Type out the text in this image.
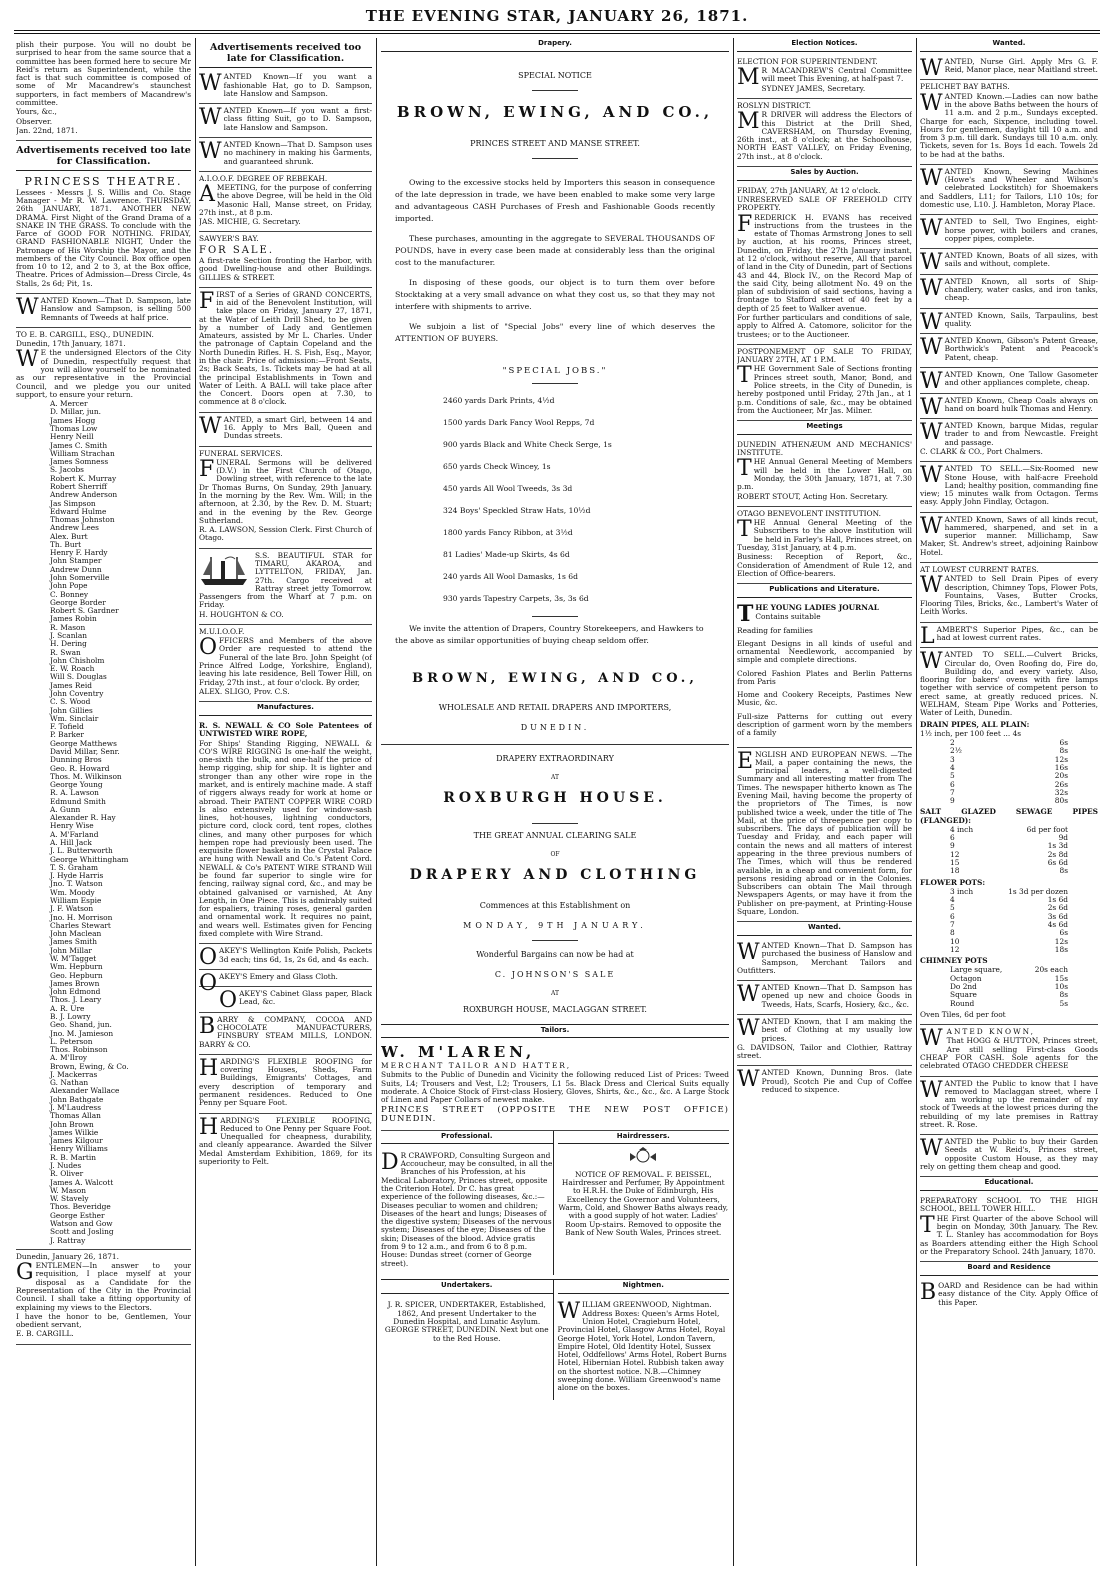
THE EVENING STAR, JANUARY 26, 1871.

plish their purpose. You will no doubt be surprised to hear from the same source that a committee has been formed here to secure Mr Reid's return as Superintendent, while the fact is that such committee is composed of some of Mr Macandrew's staunchest supporters, in fact members of Macandrew's committee.

Yours, &c.,

Observer.

Jan. 22nd, 1871.

Advertisements received too late for Classification.
PRINCESS THEATRE.

Lessees - Messrs J. S. Willis and Co. Stage Manager - Mr R. W. Lawrence. THURSDAY, 26th JANUARY, 1871. ANOTHER NEW DRAMA. First Night of the Grand Drama of a SNAKE IN THE GRASS. To conclude with the Farce of GOOD FOR NOTHING. FRIDAY, GRAND FASHIONABLE NIGHT, Under the Patronage of His Worship the Mayor, and the members of the City Council. Box office open from 10 to 12, and 2 to 3, at the Box office, Theatre. Prices of Admission—Dress Circle, 4s Stalls, 2s 6d; Pit, 1s.

WANTED Known—That D. Sampson, late Hanslow and Sampson, is selling 500 Remnants of Tweeds at half price.

TO E. B. CARGILL, ESQ., DUNEDIN.

Dunedin, 17th January, 1871.

WE the undersigned Electors of the City of Dunedin, respectfully request that you will allow yourself to be nominated as our representative in the Provincial Council, and we pledge you our united support, to ensure your return.

A. Mercer
D. Millar, jun.
James Hogg
Thomas Low
Henry Neill
James C. Smith
William Strachan
James Somness
S. Jacobs
Robert K. Murray
Robert Sherriff
Andrew Anderson
Jas Simpson
Edward Hulme
Thomas Johnston
Andrew Lees
Alex. Burt
Th. Burt
Henry F. Hardy
John Stamper
Andrew Dunn
John Somerville
John Pope
C. Bonney
George Border
Robert S. Gardner
James Robin
R. Mason
J. Scanlan
H. Dering
R. Swan
John Chisholm
E. W. Roach
Will S. Douglas
James Reid
John Coventry
C. S. Wood
John Gillies
Wm. Sinclair
F. Tofield
P. Barker
George Matthews
David Millar, Senr.
Dunning Bros
Geo. R. Howard
Thos. M. Wilkinson
George Young
R. A. Lawson
Edmund Smith
A. Gunn
Alexander R. Hay
Henry Wise
A. M'Farland
A. Hill Jack
J. L. Butterworth
George Whittingham
T. S. Graham
J. Hyde Harris
Jno. T. Watson
Wm. Moody
William Espie
J. F. Watson
Jno. H. Morrison
Charles Stewart
John Maclean
James Smith
John Millar
W. M'Tagget
Wm. Hepburn
Geo. Hepburn
James Brown
John Edmond
Thos. J. Leary
A. R. Ure
B. J. Lowry
Geo. Shand, jun.
Jno. M. Jamieson
L. Peterson
Thos. Robinson
A. M'Ilroy
Brown, Ewing, & Co.
J. Mackerras
G. Nathan
Alexander Wallace
John Bathgate
J. M'Laudress
Thomas Allan
John Brown
James Wilkie
James Kilgour
Henry Williams
R. B. Martin
J. Nudes
R. Oliver
James A. Walcott
W. Mason
W. Stavely
Thos. Beveridge
George Esther
Watson and Gow
Scott and Josling
J. Rattray

Dunedin, January 26, 1871.

GENTLEMEN—In answer to your requisition, I place myself at your disposal as a Candidate for the Representation of the City in the Provincial Council. I shall take a fitting opportunity of explaining my views to the Electors.

I have the honor to be, Gentlemen, Your obedient servant,

E. B. CARGILL.

Advertisements received too late for Classification.

WANTED Known—If you want a fashionable Hat, go to D. Sampson, late Hanslow and Sampson.

WANTED Known—If you want a first-class fitting Suit, go to D. Sampson, late Hanslow and Sampson.

WANTED Known—That D. Sampson uses no machinery in making his Garments, and guaranteed shrunk.

A.I.O.O.F. DEGREE OF REBEKAH.

AMEETING, for the purpose of conferring the above Degree, will be held in the Old Masonic Hall, Manse street, on Friday, 27th inst., at 8 p.m.

JAS. MICHIE, G. Secretary.

SAWYER'S BAY.

FOR SALE.

A first-rate Section fronting the Harbor, with good Dwelling-house and other Buildings. GILLIES & STREET.

FIRST of a Series of GRAND CONCERTS, in aid of the Benevolent Institution, will take place on Friday, January 27, 1871, at the Water of Leith Drill Shed, to be given by a number of Lady and Gentlemen Amateurs, assisted by Mr L. Charles. Under the patronage of Captain Copeland and the North Dunedin Rifles. H. S. Fish, Esq., Mayor, in the chair. Price of admission:—Front Seats, 2s; Back Seats, 1s. Tickets may be had at all the principal Establishments in Town and Water of Leith. A BALL will take place after the Concert. Doors open at 7.30, to commence at 8 o'clock.

WANTED, a smart Girl, between 14 and 16. Apply to Mrs Ball, Queen and Dundas streets.

FUNERAL SERVICES.

FUNERAL Sermons will be delivered (D.V.) in the First Church of Otago, Dowling street, with reference to the late Dr Thomas Burns, On Sunday, 29th January. In the morning by the Rev. Wm. Will; in the afternoon, at 2.30, by the Rev. D. M. Stuart; and in the evening by the Rev. George Sutherland.

R. A. LAWSON, Session Clerk. First Church of Otago.

S.S. BEAUTIFUL STAR for TIMARU, AKAROA, and LYTTELTON, FRIDAY, Jan. 27th. Cargo received at Rattray street jetty Tomorrow. Passengers from the Wharf at 7 p.m. on Friday.

H. HOUGHTON & CO.

M.U.I.O.O.F.

OFFICERS and Members of the above Order are requested to attend the Funeral of the late Bro. John Speight (of Prince Alfred Lodge, Yorkshire, England), leaving his late residence, Bell Tower Hill, on Friday, 27th inst., at four o'clock. By order,

ALEX. SLIGO, Prov. C.S.

Manufactures.

R. S. NEWALL & CO Sole Patentees of UNTWISTED WIRE ROPE,

For Ships' Standing Rigging, NEWALL & CO'S WIRE RIGGING Is one-half the weight, one-sixth the bulk, and one-half the price of hemp rigging, ship for ship. It is lighter and stronger than any other wire rope in the market, and is entirely machine made. A staff of riggers always ready for work at home or abroad. Their PATENT COPPER WIRE CORD Is also extensively used for window-sash lines, hot-houses, lightning conductors, picture cord, clock cord, tent ropes, clothes clines, and many other purposes for which hempen rope had previously been used. The exquisite flower baskets in the Crystal Palace are hung with Newall and Co.'s Patent Cord. NEWALL & Co's PATENT WIRE STRAND Will be found far superior to single wire for fencing, railway signal cord, &c., and may be obtained galvanised or varnished, At Any Length, in One Piece. This is admirably suited for espaliers, training roses, general garden and ornamental work. It requires no paint, and wears well. Estimates given for Fencing fixed complete with Wire Strand.

OAKEY'S Wellington Knife Polish, Packets 3d each; tins 6d, 1s, 2s 6d, and 4s each.

OAKEY'S Emery and Glass Cloth.

OAKEY'S Cabinet Glass paper, Black Lead, &c.

BARRY & COMPANY, COCOA AND CHOCOLATE MANUFACTURERS, FINSBURY STEAM MILLS, LONDON. BARRY & CO.

HARDING'S FLEXIBLE ROOFING for covering Houses, Sheds, Farm Buildings, Emigrants' Cottages, and every description of temporary and permanent residences. Reduced to One Penny per Square Foot.

HARDING'S FLEXIBLE ROOFING, Reduced to One Penny per Square Foot. Unequalled for cheapness, durability, and cleanly appearance. Awarded the Silver Medal Amsterdam Exhibition, 1869, for its superiority to Felt.

Drapery.

SPECIAL NOTICE

BROWN, EWING, AND CO.,

PRINCES STREET AND MANSE STREET.

Owing to the excessive stocks held by Importers this season in consequence of the late depression in trade, we have been enabled to make some very large and advantageous CASH Purchases of Fresh and Fashionable Goods recently imported.

These purchases, amounting in the aggregate to SEVERAL THOUSANDS OF POUNDS, have in every case been made at considerably less than the original cost to the manufacturer.

In disposing of these goods, our object is to turn them over before Stocktaking at a very small advance on what they cost us, so that they may not interfere with shipments to arrive.

We subjoin a list of "Special Jobs" every line of which deserves the ATTENTION OF BUYERS.

"SPECIAL JOBS."

2460 yards Dark Prints, 4½d
1500 yards Dark Fancy Wool Repps, 7d
900 yards Black and White Check Serge, 1s
650 yards Check Wincey, 1s
450 yards All Wool Tweeds, 3s 3d
324 Boys' Speckled Straw Hats, 10½d
1800 yards Fancy Ribbon, at 3½d
81 Ladies' Made-up Skirts, 4s 6d
240 yards All Wool Damasks, 1s 6d
930 yards Tapestry Carpets, 3s, 3s 6d

We invite the attention of Drapers, Country Storekeepers, and Hawkers to the above as similar opportunities of buying cheap seldom offer.

BROWN, EWING, AND CO.,

WHOLESALE AND RETAIL DRAPERS AND IMPORTERS,

DUNEDIN.

DRAPERY EXTRAORDINARY

AT

ROXBURGH HOUSE.

THE GREAT ANNUAL CLEARING SALE

OF

DRAPERY AND CLOTHING

Commences at this Establishment on

MONDAY, 9TH JANUARY.

Wonderful Bargains can now be had at

C. JOHNSON'S SALE

AT

ROXBURGH HOUSE, MACLAGGAN STREET.

Tailors.

W. M'LAREN,

MERCHANT TAILOR AND HATTER,

Submits to the Public of Dunedin and Vicinity the following reduced List of Prices: Tweed Suits, L4; Trousers and Vest, L2; Trousers, L1 5s. Black Dress and Clerical Suits equally moderate. A Choice Stock of First-class Hosiery, Gloves, Shirts, &c., &c., &c. A Large Stock of Linen and Paper Collars of newest make.

PRINCES STREET (OPPOSITE THE NEW POST OFFICE) DUNEDIN.

Professional.

DR CRAWFORD, Consulting Surgeon and Accoucheur, may be consulted, in all the Branches of his Profession, at his Medical Laboratory, Princes street, opposite the Criterion Hotel. Dr C. has great experience of the following diseases, &c.:— Diseases peculiar to women and children; Diseases of the heart and lungs; Diseases of the digestive system; Diseases of the nervous system; Diseases of the eye; Diseases of the skin; Diseases of the blood. Advice gratis from 9 to 12 a.m., and from 6 to 8 p.m. House: Dundas street (corner of George street).

Hairdressers.

NOTICE OF REMOVAL. F. BEISSEL, Hairdresser and Perfumer, By Appointment to H.R.H. the Duke of Edinburgh, His Excellency the Governor and Volunteers, Warm, Cold, and Shower Baths always ready, with a good supply of hot water. Ladies' Room Up-stairs. Removed to opposite the Bank of New South Wales, Princes street.

Undertakers.

J. R. SPICER, UNDERTAKER, Established, 1862, And present Undertaker to the Dunedin Hospital, and Lunatic Asylum. GEORGE STREET, DUNEDIN. Next but one to the Red House.

Nightmen.

WILLIAM GREENWOOD, Nightman. Address Boxes: Queen's Arms Hotel, Union Hotel, Cragieburn Hotel, Provincial Hotel, Glasgow Arms Hotel, Royal George Hotel, York Hotel, London Tavern, Empire Hotel, Old Identity Hotel, Sussex Hotel, Oddfellows' Arms Hotel, Robert Burns Hotel, Hibernian Hotel. Rubbish taken away on the shortest notice. N.B.—Chimney sweeping done. William Greenwood's name alone on the boxes.

Election Notices.

ELECTION FOR SUPERINTENDENT.

MR MACANDREW'S Central Committee will meet This Evening, at half-past 7.

SYDNEY JAMES, Secretary.

ROSLYN DISTRICT.

MR DRIVER will address the Electors of this District at the Drill Shed, CAVERSHAM, on Thursday Evening, 26th inst., at 8 o'clock; at the Schoolhouse, NORTH EAST VALLEY, on Friday Evening, 27th inst., at 8 o'clock.

Sales by Auction.

FRIDAY, 27th JANUARY, At 12 o'clock.

UNRESERVED SALE OF FREEHOLD CITY PROPERTY.

FREDERICK H. EVANS has received instructions from the trustees in the estate of Thomas Armstrong Jones to sell by auction, at his rooms, Princes street, Dunedin, on Friday, the 27th January instant, at 12 o'clock, without reserve, All that parcel of land in the City of Dunedin, part of Sections 43 and 44, Block IV., on the Record Map of the said City, being allotment No. 49 on the plan of subdivision of said sections, having a frontage to Stafford street of 40 feet by a depth of 25 feet to Walker avenue.

For further particulars and conditions of sale, apply to Alfred A. Catomore, solicitor for the trustees; or to the Auctioneer.

POSTPONEMENT OF SALE TO FRIDAY, JANUARY 27TH, AT 1 P.M.

THE Government Sale of Sections fronting Princes street south, Manor, Bond, and Police streets, in the City of Dunedin, is hereby postponed until Friday, 27th Jan., at 1 p.m. Conditions of sale, &c., may be obtained from the Auctioneer, Mr Jas. Milner.

Meetings

DUNEDIN ATHENÆUM AND MECHANICS' INSTITUTE.

THE Annual General Meeting of Members will be held in the Lower Hall, on Monday, the 30th January, 1871, at 7.30 p.m.

ROBERT STOUT, Acting Hon. Secretary.

OTAGO BENEVOLENT INSTITUTION.

THE Annual General Meeting of the Subscribers to the above Institution will be held in Farley's Hall, Princes street, on Tuesday, 31st January, at 4 p.m.

Business: Reception of Report, &c., Consideration of Amendment of Rule 12, and Election of Office-bearers.

Publications and Literature.

THE YOUNG LADIES JOURNAL

Contains suitable

Reading for families

Elegant Designs in all kinds of useful and ornamental Needlework, accompanied by simple and complete directions.

Colored Fashion Plates and Berlin Patterns from Paris

Home and Cookery Receipts, Pastimes New Music, &c.

Full-size Patterns for cutting out every description of garment worn by the members of a family

ENGLISH AND EUROPEAN NEWS. —The Mail, a paper containing the news, the principal leaders, a well-digested Summary and all interesting matter from The Times. The newspaper hitherto known as The Evening Mail, having become the property of the proprietors of The Times, is now published twice a week, under the title of The Mail, at the price of threepence per copy to subscribers. The days of publication will be Tuesday and Friday, and each paper will contain the news and all matters of interest appearing in the three previous numbers of The Times, which will thus be rendered available, in a cheap and convenient form, for persons residing abroad or in the Colonies. Subscribers can obtain The Mail through Newspapers Agents, or may have it from the Publisher on pre-payment, at Printing-House Square, London.

Wanted.

WANTED Known—That D. Sampson has purchased the business of Hanslow and Sampson, Merchant Tailors and Outfitters.

WANTED Known—That D. Sampson has opened up new and choice Goods in Tweeds, Hats, Scarfs, Hosiery, &c., &c.

WANTED Known, that I am making the best of Clothing at my usually low prices.

G. DAVIDSON, Tailor and Clothier, Rattray street.

WANTED Known, Dunning Bros. (late Proud), Scotch Pie and Cup of Coffee reduced to sixpence.

Wanted.

WANTED, Nurse Girl. Apply Mrs G. F. Reid, Manor place, near Maitland street.

PELICHET BAY BATHS.

WANTED Known.—Ladies can now bathe in the above Baths between the hours of 11 a.m. and 2 p.m., Sundays excepted. Charge for each, Sixpence, including towel. Hours for gentlemen, daylight till 10 a.m. and from 3 p.m. till dark. Sundays till 10 a.m. only. Tickets, seven for 1s. Boys 1d each. Towels 2d to be had at the baths.

WANTED Known, Sewing Machines (Howe's and Wheeler and Wilson's celebrated Lockstitch) for Shoemakers and Saddlers, L11; for Tailors, L10 10s; for domestic use, L10. J. Hambleton, Moray Place.

WANTED to Sell, Two Engines, eight-horse power, with boilers and cranes, copper pipes, complete.

WANTED Known, Boats of all sizes, with sails and without, complete.

WANTED Known, all sorts of Ship-chandlery, water casks, and iron tanks, cheap.

WANTED Known, Sails, Tarpaulins, best quality.

WANTED Known, Gibson's Patent Grease, Borthwick's Patent and Peacock's Patent, cheap.

WANTED Known, One Tallow Gasometer and other appliances complete, cheap.

WANTED Known, Cheap Coals always on hand on board hulk Thomas and Henry.

WANTED Known, barque Midas, regular trader to and from Newcastle. Freight and passage.

C. CLARK & CO., Port Chalmers.

WANTED TO SELL.—Six-Roomed new Stone House, with half-acre Freehold Land; healthy position, commanding fine view; 15 minutes walk from Octagon. Terms easy. Apply John Findlay, Octagon.

WANTED Known, Saws of all kinds recut, hammered, sharpened, and set in a superior manner. Millichamp, Saw Maker, St. Andrew's street, adjoining Rainbow Hotel.

AT LOWEST CURRENT RATES.

WANTED to Sell Drain Pipes of every description, Chimney Tops, Flower Pots, Fountains, Vases, Butter Crocks, Flooring Tiles, Bricks, &c., Lambert's Water of Leith Works.

LAMBERT'S Superior Pipes, &c., can be had at lowest current rates.

WANTED TO SELL.—Culvert Bricks, Circular do, Oven Roofing do, Fire do, Building do, and every variety. Also, flooring for bakers' ovens with fire lamps together with service of competent person to erect same, at greatly reduced prices. N. WELHAM, Steam Pipe Works and Potteries, Water of Leith, Dunedin.

DRAIN PIPES, ALL PLAIN:

1½ inch, per 100 feet ... 4s

2	6s
2½	8s
3	12s
4	16s
5	20s
6	26s
7	32s
9	80s

SALT GLAZED SEWAGE PIPES (FLANGED):

4 inch	6d per foot
6	9d
9	1s 3d
12	2s 8d
15	6s 6d
18	8s

FLOWER POTS:

3 inch	1s 3d per dozen
4	1s 6d
5	2s 6d
6	3s 6d
7	4s 6d
8	6s
10	12s
12	18s

CHIMNEY POTS

Large square,	20s each
Octagon	15s
Do 2nd	10s
Square	8s
Round	5s

Oven Tiles, 6d per foot

WANTED KNOWN,

That HOGG & HUTTON, Princes street, Are still selling First-class Goods CHEAP FOR CASH. Sole agents for the celebrated OTAGO CHEDDER CHEESE

WANTED the Public to know that I have removed to Maclaggan street, where I am working up the remainder of my stock of Tweeds at the lowest prices during the rebuilding of my late premises in Rattray street. R. Rose.

WANTED the Public to buy their Garden Seeds at W. Reid's, Princes street, opposite Custom House, as they may rely on getting them cheap and good.

Educational.

PREPARATORY SCHOOL TO THE HIGH SCHOOL, BELL TOWER HILL.

THE First Quarter of the above School will begin on Monday, 30th January. The Rev. T. L. Stanley has accommodation for Boys as Boarders attending either the High School or the Preparatory School. 24th January, 1870.

Board and Residence

BOARD and Residence can be had within easy distance of the City. Apply Office of this Paper.
